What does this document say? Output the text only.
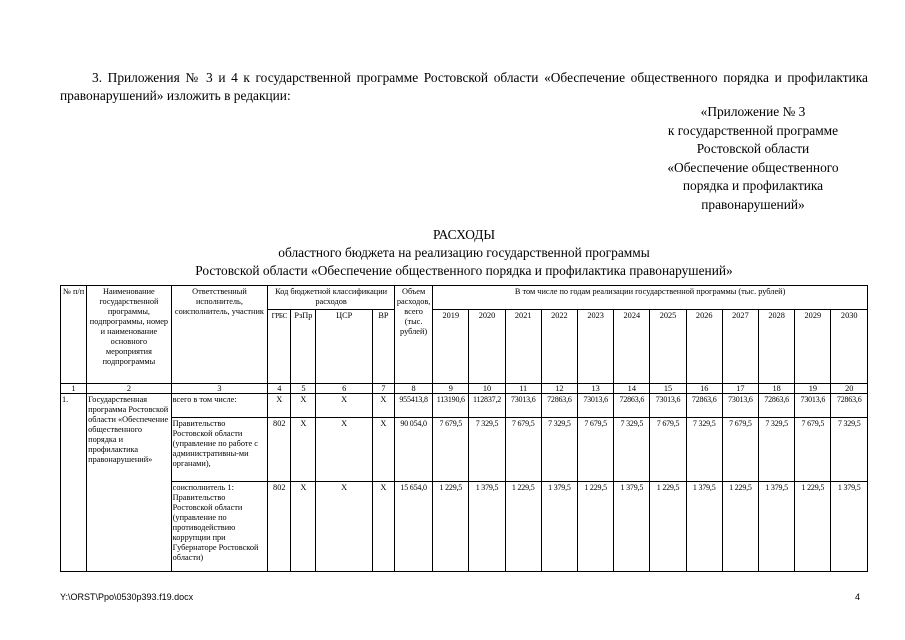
3. Приложения № 3 и 4 к государственной программе Ростовской области «Обеспечение общественного порядка и профилактика правонарушений» изложить в редакции:

«Приложение № 3
к государственной программе
Ростовской области
«Обеспечение общественного
порядка и профилактика
правонарушений»
РАСХОДЫ
областного бюджета на реализацию государственной программы
Ростовской области «Обеспечение общественного порядка и профилактика правонарушений»
№ п/п	Наименование государственной программы, подпрограммы, номер и наименование основного мероприятия подпрограммы	Ответственный исполнитель, соисполнитель, участник	Код бюджетной классификации расходов				Объем расходов, всего (тыс. рублей)	В том числе по годам реализации государственной программы (тыс. рублей)											
			ГРБС	РзПр	ЦСР	ВР		2019	2020	2021	2022	2023	2024	2025	2026	2027	2028	2029	2030
1	2	3	4	5	6	7	8	9	10	11	12	13	14	15	16	17	18	19	20
1.	Государственная программа Ростовской области «Обеспечение общественного порядка и профилактика правонарушений»	всего в том числе:	Х	Х	Х	Х	95541З,8	113190,6	112837,2	73013,6	72863,6	73013,6	72863,6	73013,6	72863,6	73013,6	72863,6	73013,6	72863,6
		Правительство Ростовской области (управление по работе с административны-ми органами),	802	Х	Х	Х	90 054,0	7 679,5	7 329,5	7 679,5	7 329,5	7 679,5	7 329,5	7 679,5	7 329,5	7 679,5	7 329,5	7 679,5	7 329,5
		соисполнитель 1: Правительство Ростовской области (управление по противодействию коррупции при Губернаторе Ростовской области)	802	Х	Х	Х	15 654,0	1 229,5	1 379,5	1 229,5	1 379,5	1 229,5	1 379,5	1 229,5	1 379,5	1 229,5	1 379,5	1 229,5	1 379,5
Y:\ORST\Ppo\0530p393.f19.docx	4
